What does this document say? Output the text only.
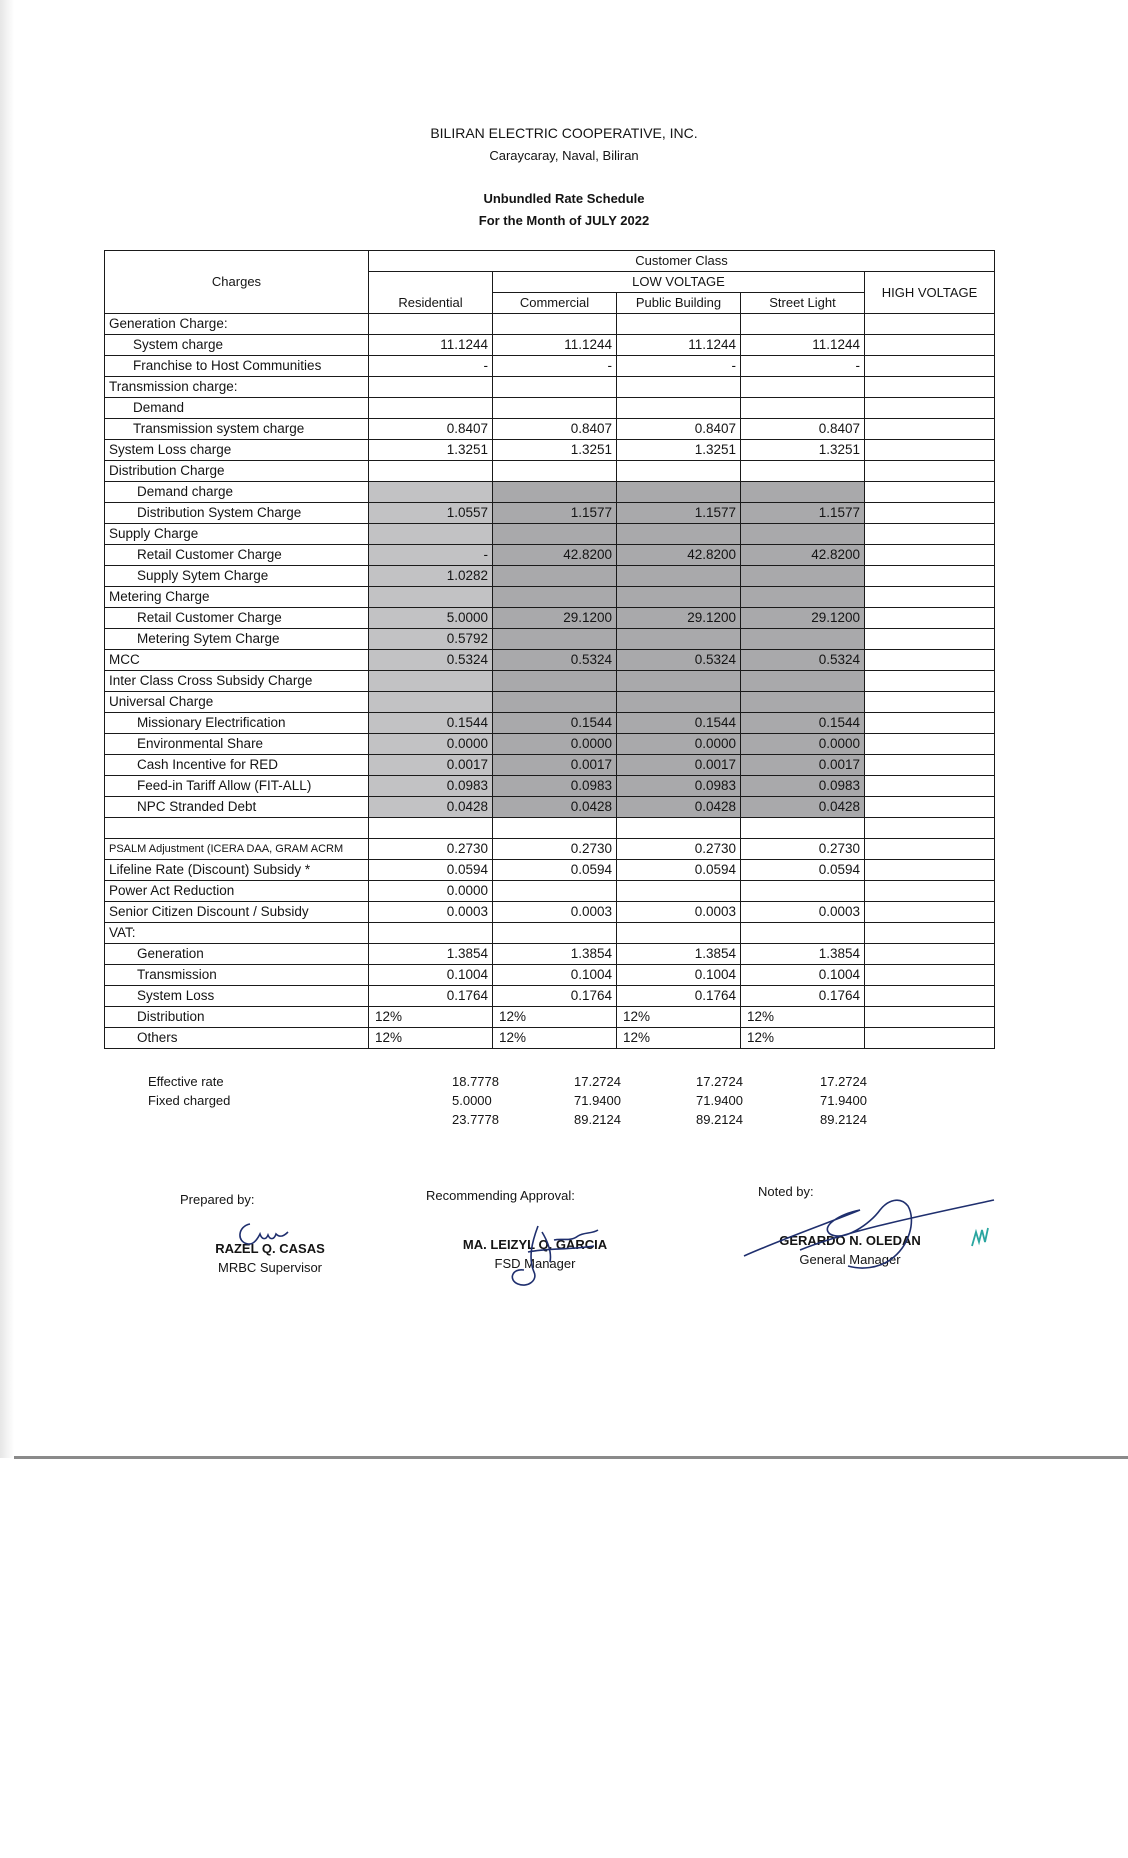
BILIRAN ELECTRIC COOPERATIVE, INC.
Caraycaray, Naval, Biliran
Unbundled Rate Schedule
For the Month of JULY 2022
Charges	Customer Class				
	Residential	LOW VOLTAGE			HIGH VOLTAGE
		Commercial	Public Building	Street Light	
Generation Charge:					
System charge	11.1244	11.1244	11.1244	11.1244	
Franchise to Host Communities	-	-	-	-	
Transmission charge:					
Demand					
Transmission system charge	0.8407	0.8407	0.8407	0.8407	
System Loss charge	1.3251	1.3251	1.3251	1.3251	
Distribution Charge					
Demand charge					
Distribution System Charge	1.0557	1.1577	1.1577	1.1577	
Supply Charge					
Retail Customer Charge	-	42.8200	42.8200	42.8200	
Supply Sytem Charge	1.0282				
Metering Charge					
Retail Customer Charge	5.0000	29.1200	29.1200	29.1200	
Metering Sytem Charge	0.5792				
MCC	0.5324	0.5324	0.5324	0.5324	
Inter Class Cross Subsidy Charge					
Universal Charge					
Missionary Electrification	0.1544	0.1544	0.1544	0.1544	
Environmental Share	0.0000	0.0000	0.0000	0.0000	
Cash Incentive for RED	0.0017	0.0017	0.0017	0.0017	
Feed-in Tariff Allow (FIT-ALL)	0.0983	0.0983	0.0983	0.0983	
NPC Stranded Debt	0.0428	0.0428	0.0428	0.0428	

PSALM Adjustment (ICERA DAA, GRAM ACRM	0.2730	0.2730	0.2730	0.2730	
Lifeline Rate (Discount) Subsidy *	0.0594	0.0594	0.0594	0.0594	
Power Act Reduction	0.0000				
Senior Citizen Discount / Subsidy	0.0003	0.0003	0.0003	0.0003	
VAT:					
Generation	1.3854	1.3854	1.3854	1.3854	
Transmission	0.1004	0.1004	0.1004	0.1004	
System Loss	0.1764	0.1764	0.1764	0.1764	
Distribution	12%	12%	12%	12%	
Others	12%	12%	12%	12%	
Effective rate	18.7778	17.2724	17.2724	17.2724
Fixed charged	5.0000	71.9400	71.9400	71.9400
23.7778	89.2124	89.2124	89.2124
Prepared by:
RAZEL Q. CASAS
MRBC Supervisor
Recommending Approval:
MA. LEIZYL Q. GARCIA
FSD Manager
Noted by:
GERARDO N. OLEDAN
General Manager
